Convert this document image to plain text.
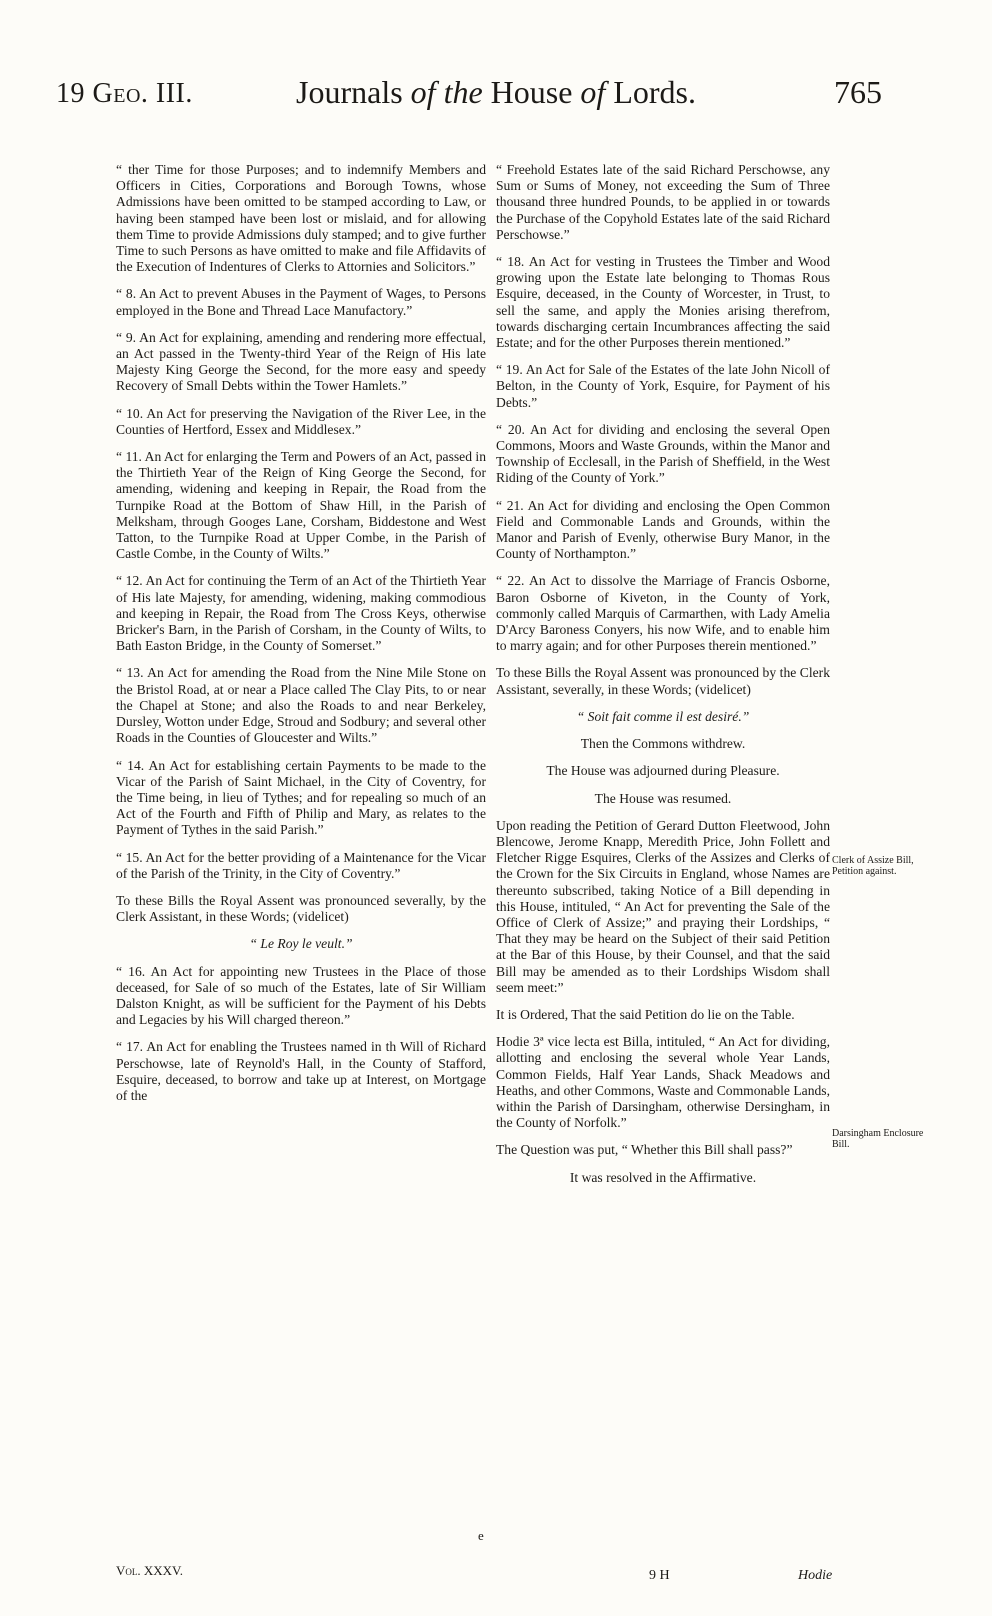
19 Geo. III.	Journals of the House of Lords.	765

“ ther Time for those Purposes; and to indemnify Members and Officers in Cities, Corporations and Borough Towns, whose Admissions have been omitted to be stamped according to Law, or having been stamped have been lost or mislaid, and for allowing them Time to provide Admissions duly stamped; and to give further Time to such Persons as have omitted to make and file Affidavits of the Execution of Indentures of Clerks to Attornies and Solicitors.”

“ 8. An Act to prevent Abuses in the Payment of Wages, to Persons employed in the Bone and Thread Lace Manufactory.”

“ 9. An Act for explaining, amending and rendering more effectual, an Act passed in the Twenty-third Year of the Reign of His late Majesty King George the Second, for the more easy and speedy Recovery of Small Debts within the Tower Hamlets.”

“ 10. An Act for preserving the Navigation of the River Lee, in the Counties of Hertford, Essex and Middlesex.”

“ 11. An Act for enlarging the Term and Powers of an Act, passed in the Thirtieth Year of the Reign of King George the Second, for amending, widening and keeping in Repair, the Road from the Turnpike Road at the Bottom of Shaw Hill, in the Parish of Melksham, through Googes Lane, Corsham, Biddestone and West Tatton, to the Turnpike Road at Upper Combe, in the Parish of Castle Combe, in the County of Wilts.”

“ 12. An Act for continuing the Term of an Act of the Thirtieth Year of His late Majesty, for amending, widening, making commodious and keeping in Repair, the Road from The Cross Keys, otherwise Bricker's Barn, in the Parish of Corsham, in the County of Wilts, to Bath Easton Bridge, in the County of Somerset.”

“ 13. An Act for amending the Road from the Nine Mile Stone on the Bristol Road, at or near a Place called The Clay Pits, to or near the Chapel at Stone; and also the Roads to and near Berkeley, Dursley, Wotton under Edge, Stroud and Sodbury; and several other Roads in the Counties of Gloucester and Wilts.”

“ 14. An Act for establishing certain Payments to be made to the Vicar of the Parish of Saint Michael, in the City of Coventry, for the Time being, in lieu of Tythes; and for repealing so much of an Act of the Fourth and Fifth of Philip and Mary, as relates to the Payment of Tythes in the said Parish.”

“ 15. An Act for the better providing of a Maintenance for the Vicar of the Parish of the Trinity, in the City of Coventry.”

To these Bills the Royal Assent was pronounced severally, by the Clerk Assistant, in these Words; (videlicet)

“ Le Roy le veult.”

“ 16. An Act for appointing new Trustees in the Place of those deceased, for Sale of so much of the Estates, late of Sir William Dalston Knight, as will be sufficient for the Payment of his Debts and Legacies by his Will charged thereon.”

“ 17. An Act for enabling the Trustees named in th Will of Richard Perschowse, late of Reynold's Hall, in the County of Stafford, Esquire, deceased, to borrow and take up at Interest, on Mortgage of the

“ Freehold Estates late of the said Richard Perschowse, any Sum or Sums of Money, not exceeding the Sum of Three thousand three hundred Pounds, to be applied in or towards the Purchase of the Copyhold Estates late of the said Richard Perschowse.”

“ 18. An Act for vesting in Trustees the Timber and Wood growing upon the Estate late belonging to Thomas Rous Esquire, deceased, in the County of Worcester, in Trust, to sell the same, and apply the Monies arising therefrom, towards discharging certain Incumbrances affecting the said Estate; and for the other Purposes therein mentioned.”

“ 19. An Act for Sale of the Estates of the late John Nicoll of Belton, in the County of York, Esquire, for Payment of his Debts.”

“ 20. An Act for dividing and enclosing the several Open Commons, Moors and Waste Grounds, within the Manor and Township of Ecclesall, in the Parish of Sheffield, in the West Riding of the County of York.”

“ 21. An Act for dividing and enclosing the Open Common Field and Commonable Lands and Grounds, within the Manor and Parish of Evenly, otherwise Bury Manor, in the County of Northampton.”

“ 22. An Act to dissolve the Marriage of Francis Osborne, Baron Osborne of Kiveton, in the County of York, commonly called Marquis of Carmarthen, with Lady Amelia D'Arcy Baroness Conyers, his now Wife, and to enable him to marry again; and for other Purposes therein mentioned.”

To these Bills the Royal Assent was pronounced by the Clerk Assistant, severally, in these Words; (videlicet)

“ Soit fait comme il est desiré.”

Then the Commons withdrew.

The House was adjourned during Pleasure.

The House was resumed.

Upon reading the Petition of Gerard Dutton Fleetwood, John Blencowe, Jerome Knapp, Meredith Price, John Follett and Fletcher Rigge Esquires, Clerks of the Assizes and Clerks of the Crown for the Six Circuits in England, whose Names are thereunto subscribed, taking Notice of a Bill depending in this House, intituled, “ An Act for preventing the Sale of the Office of Clerk of Assize;” and praying their Lordships, “ That they may be heard on the Subject of their said Petition at the Bar of this House, by their Counsel, and that the said Bill may be amended as to their Lordships Wisdom shall seem meet:”

It is Ordered, That the said Petition do lie on the Table.

Hodie 3ª vice lecta est Billa, intituled, “ An Act for dividing, allotting and enclosing the several whole Year Lands, Common Fields, Half Year Lands, Shack Meadows and Heaths, and other Commons, Waste and Commonable Lands, within the Parish of Darsingham, otherwise Dersingham, in the County of Norfolk.”

The Question was put, “ Whether this Bill shall pass?”

It was resolved in the Affirmative.

Clerk of Assize Bill, Petition against.
Darsingham Enclosure Bill.
e
Vol. XXXV.	9 H	Hodie
